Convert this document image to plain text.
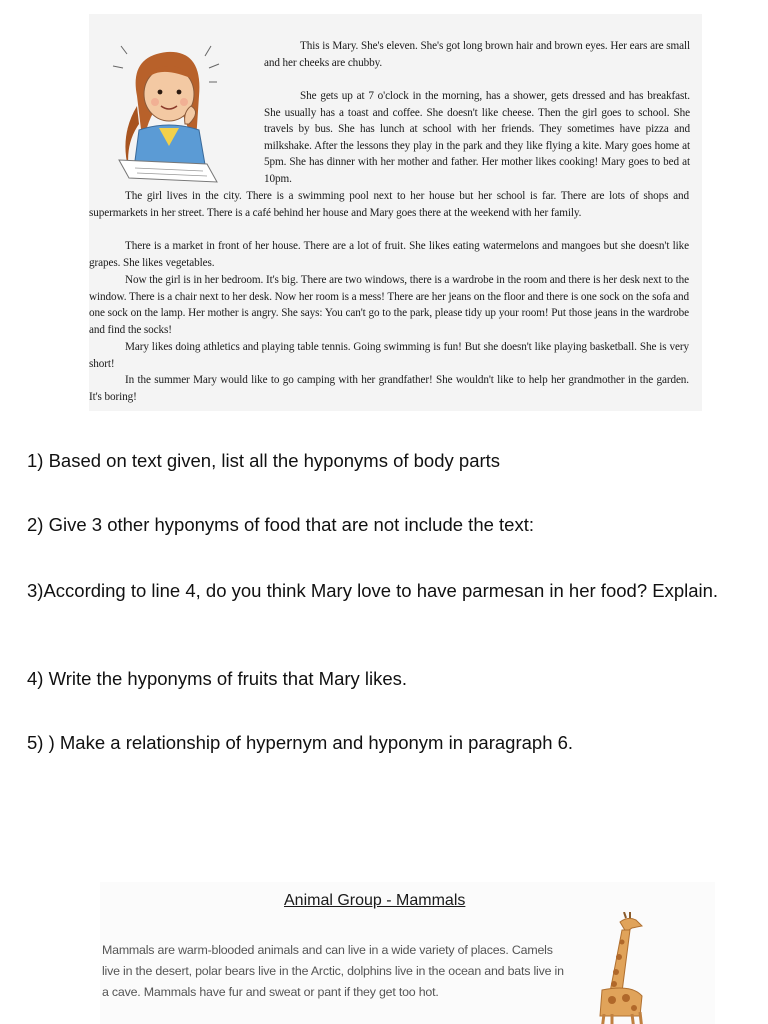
This is Mary. She's eleven. She's got long brown hair and brown eyes. Her ears are small and her cheeks are chubby.

She gets up at 7 o'clock in the morning, has a shower, gets dressed and has breakfast. She usually has a toast and coffee. She doesn't like cheese. Then the girl goes to school. She travels by bus. She has lunch at school with her friends. They sometimes have pizza and milkshake. After the lessons they play in the park and they like flying a kite. Mary goes home at 5pm. She has dinner with her mother and father. Her mother likes cooking! Mary goes to bed at 10pm.

The girl lives in the city. There is a swimming pool next to her house but her school is far. There are lots of shops and supermarkets in her street. There is a café behind her house and Mary goes there at the weekend with her family.

There is a market in front of her house. There are a lot of fruit. She likes eating watermelons and mangoes but she doesn't like grapes. She likes vegetables.

Now the girl is in her bedroom. It's big. There are two windows, there is a wardrobe in the room and there is her desk next to the window. There is a chair next to her desk. Now her room is a mess! There are her jeans on the floor and there is one sock on the sofa and one sock on the lamp. Her mother is angry. She says: You can't go to the park, please tidy up your room! Put those jeans in the wardrobe and find the socks!

Mary likes doing athletics and playing table tennis. Going swimming is fun! But she doesn't like playing basketball. She is very short!

In the summer Mary would like to go camping with her grandfather! She wouldn't like to help her grandmother in the garden. It's boring!

1) Based on text given, list all the hyponyms of body parts

2) Give 3 other hyponyms of food that are not include the text:

3)According to line 4, do you think Mary love to have parmesan in her food? Explain.

4) Write the hyponyms of fruits that Mary likes.

5) ) Make a relationship of hypernym and hyponym in paragraph 6.

Animal Group - Mammals

Mammals are warm-blooded animals and can live in a wide variety of places. Camels live in the desert, polar bears live in the Arctic, dolphins live in the ocean and bats live in a cave. Mammals have fur and sweat or pant if they get too hot.
